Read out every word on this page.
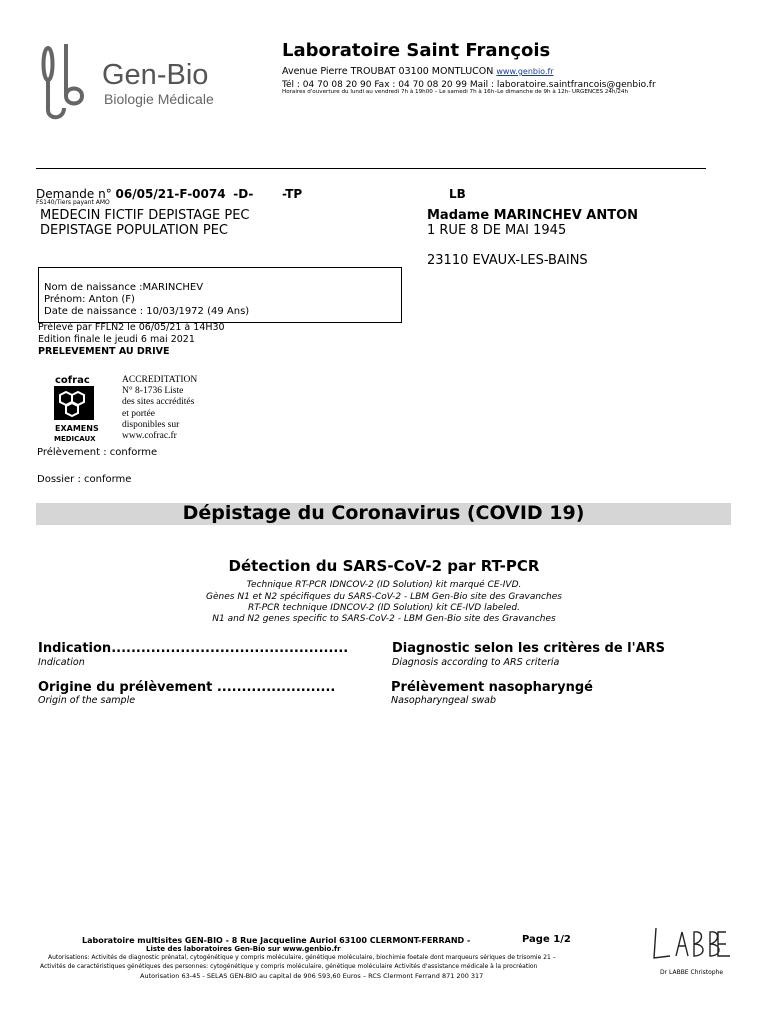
Gen-Bio
Biologie Médicale
Laboratoire Saint François
Avenue Pierre TROUBAT 03100 MONTLUCON www.genbio.fr
Tél : 04 70 08 20 90 Fax : 04 70 08 20 99 Mail : laboratoire.saintfrancois@genbio.fr
Horaires d'ouverture du lundi au vendredi 7h à 19h00 – Le samedi 7h à 16h–Le dimanche de 9h à 12h- URGENCES 24h/24h
Demande n° 06/05/21-F-0074 -D- -TP	LB
FS140/Tiers payant AMO
MEDECIN FICTIF DEPISTAGE PEC
DEPISTAGE POPULATION PEC
Madame MARINCHEV ANTON
1 RUE 8 DE MAI 1945
23110 EVAUX-LES-BAINS
Nom de naissance :MARINCHEV
Prénom: Anton (F)
Date de naissance : 10/03/1972 (49 Ans)
Prélevé par FFLN2 le 06/05/21 à 14H30
Edition finale le jeudi 6 mai 2021
PRELEVEMENT AU DRIVE
cofrac
EXAMENS
MEDICAUX
ACCREDITATION
N° 8-1736 Liste
des sites accrédités
et portée
disponibles sur
www.cofrac.fr
Prélèvement : conforme
Dossier : conforme
Dépistage du Coronavirus (COVID 19)
Détection du SARS-CoV-2 par RT-PCR
Technique RT-PCR IDNCOV-2 (ID Solution) kit marqué CE-IVD.
Gènes N1 et N2 spécifiques du SARS-CoV-2 - LBM Gen-Bio site des Gravanches
RT-PCR technique IDNCOV-2 (ID Solution) kit CE-IVD labeled.
N1 and N2 genes specific to SARS-CoV-2 - LBM Gen-Bio site des Gravanches
Indication................................................
Indication
Diagnostic selon les critères de l'ARS
Diagnosis according to ARS criteria
Origine du prélèvement ........................
Origin of the sample
Prélèvement nasopharyngé
Nasopharyngeal swab
Laboratoire multisites GEN-BIO - 8 Rue Jacqueline Auriol 63100 CLERMONT-FERRAND -	Page 1/2
Liste des laboratoires Gen-Bio sur www.genbio.fr
Autorisations: Activités de diagnostic prénatal, cytogénétique y compris moléculaire, génétique moléculaire, biochimie foetale dont marqueurs sériques de trisomie 21 –
Activités de caractéristiques génétiques des personnes: cytogénétique y compris moléculaire, génétique moléculaire Activités d'assistance médicale à la procréation
Autorisation 63-45 - SELAS GEN-BIO au capital de 906 593,60 Euros – RCS Clermont Ferrand 871 200 317	Dr LABBE Christophe
